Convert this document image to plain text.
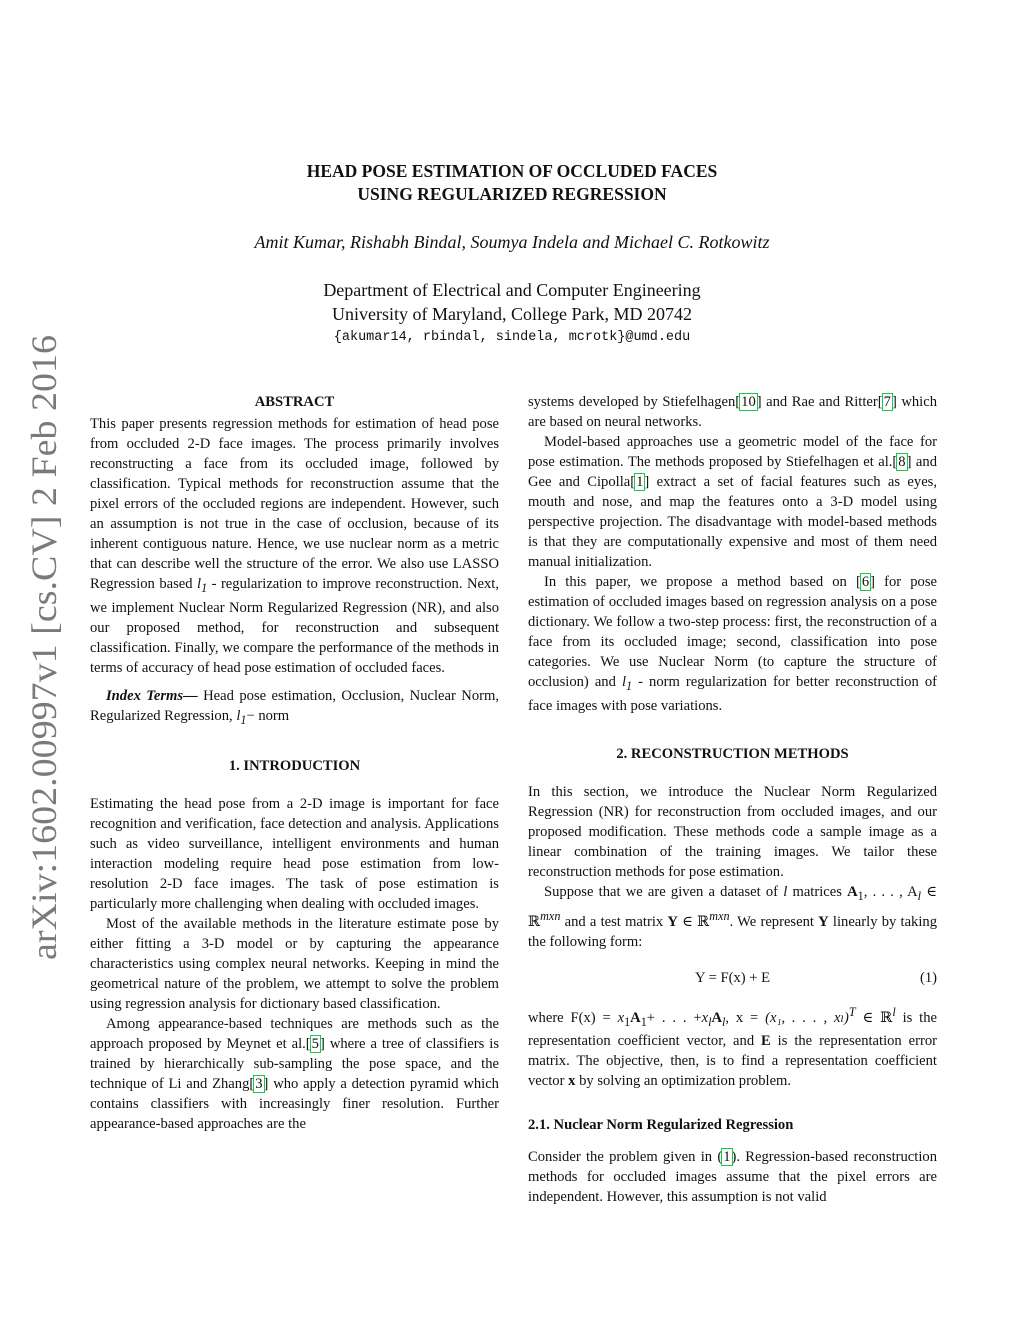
arXiv:1602.00997v1 [cs.CV] 2 Feb 2016
HEAD POSE ESTIMATION OF OCCLUDED FACES
USING REGULARIZED REGRESSION
Amit Kumar, Rishabh Bindal, Soumya Indela and Michael C. Rotkowitz
Department of Electrical and Computer Engineering
University of Maryland, College Park, MD 20742
{akumar14, rbindal, sindela, mcrotk}@umd.edu
ABSTRACT

This paper presents regression methods for estimation of head pose from occluded 2-D face images. The process primarily involves reconstructing a face from its occluded image, followed by classification. Typical methods for reconstruction assume that the pixel errors of the occluded regions are independent. However, such an assumption is not true in the case of occlusion, because of its inherent contiguous nature. Hence, we use nuclear norm as a metric that can describe well the structure of the error. We also use LASSO Regression based $l_1$ - regularization to improve reconstruction. Next, we implement Nuclear Norm Regularized Regression (NR), and also our proposed method, for reconstruction and subsequent classification. Finally, we compare the performance of the methods in terms of accuracy of head pose estimation of occluded faces.

Index Terms— Head pose estimation, Occlusion, Nuclear Norm, Regularized Regression, $l_1-$ norm

1. INTRODUCTION

Estimating the head pose from a 2-D image is important for face recognition and verification, face detection and analysis. Applications such as video surveillance, intelligent environments and human interaction modeling require head pose estimation from low-resolution 2-D face images. The task of pose estimation is particularly more challenging when dealing with occluded images.

Most of the available methods in the literature estimate pose by either fitting a 3-D model or by capturing the appearance characteristics using complex neural networks. Keeping in mind the geometrical nature of the problem, we attempt to solve the problem using regression analysis for dictionary based classification.

Among appearance-based techniques are methods such as the approach proposed by Meynet et al.[5] where a tree of classifiers is trained by hierarchically sub-sampling the pose space, and the technique of Li and Zhang[3] who apply a detection pyramid which contains classifiers with increasingly finer resolution. Further appearance-based approaches are the

systems developed by Stiefelhagen[10] and Rae and Ritter[7] which are based on neural networks.

Model-based approaches use a geometric model of the face for pose estimation. The methods proposed by Stiefelhagen et al.[8] and Gee and Cipolla[1] extract a set of facial features such as eyes, mouth and nose, and map the features onto a 3-D model using perspective projection. The disadvantage with model-based methods is that they are computationally expensive and most of them need manual initialization.

In this paper, we propose a method based on [6] for pose estimation of occluded images based on regression analysis on a pose dictionary. We follow a two-step process: first, the reconstruction of a face from its occluded image; second, classification into pose categories. We use Nuclear Norm (to capture the structure of occlusion) and $l_1$ - norm regularization for better reconstruction of face images with pose variations.

2. RECONSTRUCTION METHODS

In this section, we introduce the Nuclear Norm Regularized Regression (NR) for reconstruction from occluded images, and our proposed modification. These methods code a sample image as a linear combination of the training images. We tailor these reconstruction methods for pose estimation.

Suppose that we are given a dataset of l matrices $A_1$, . . . , $A_l$ ∈ ℝ$^{mxn}$ and a test matrix Y ∈ ℝ$^{mxn}$. We represent Y linearly by taking the following form:

Y = F(x) + E	(1)

where $F(x) = x_1A_1+$ . . . $+x_lA_l$, x = (x₁, . . . , xₗ)$^T$ ∈ ℝ$^l$ is the representation coefficient vector, and E is the representation error matrix. The objective, then, is to find a representation coefficient vector x by solving an optimization problem.

2.1. Nuclear Norm Regularized Regression

Consider the problem given in (1). Regression-based reconstruction methods for occluded images assume that the pixel errors are independent. However, this assumption is not valid
